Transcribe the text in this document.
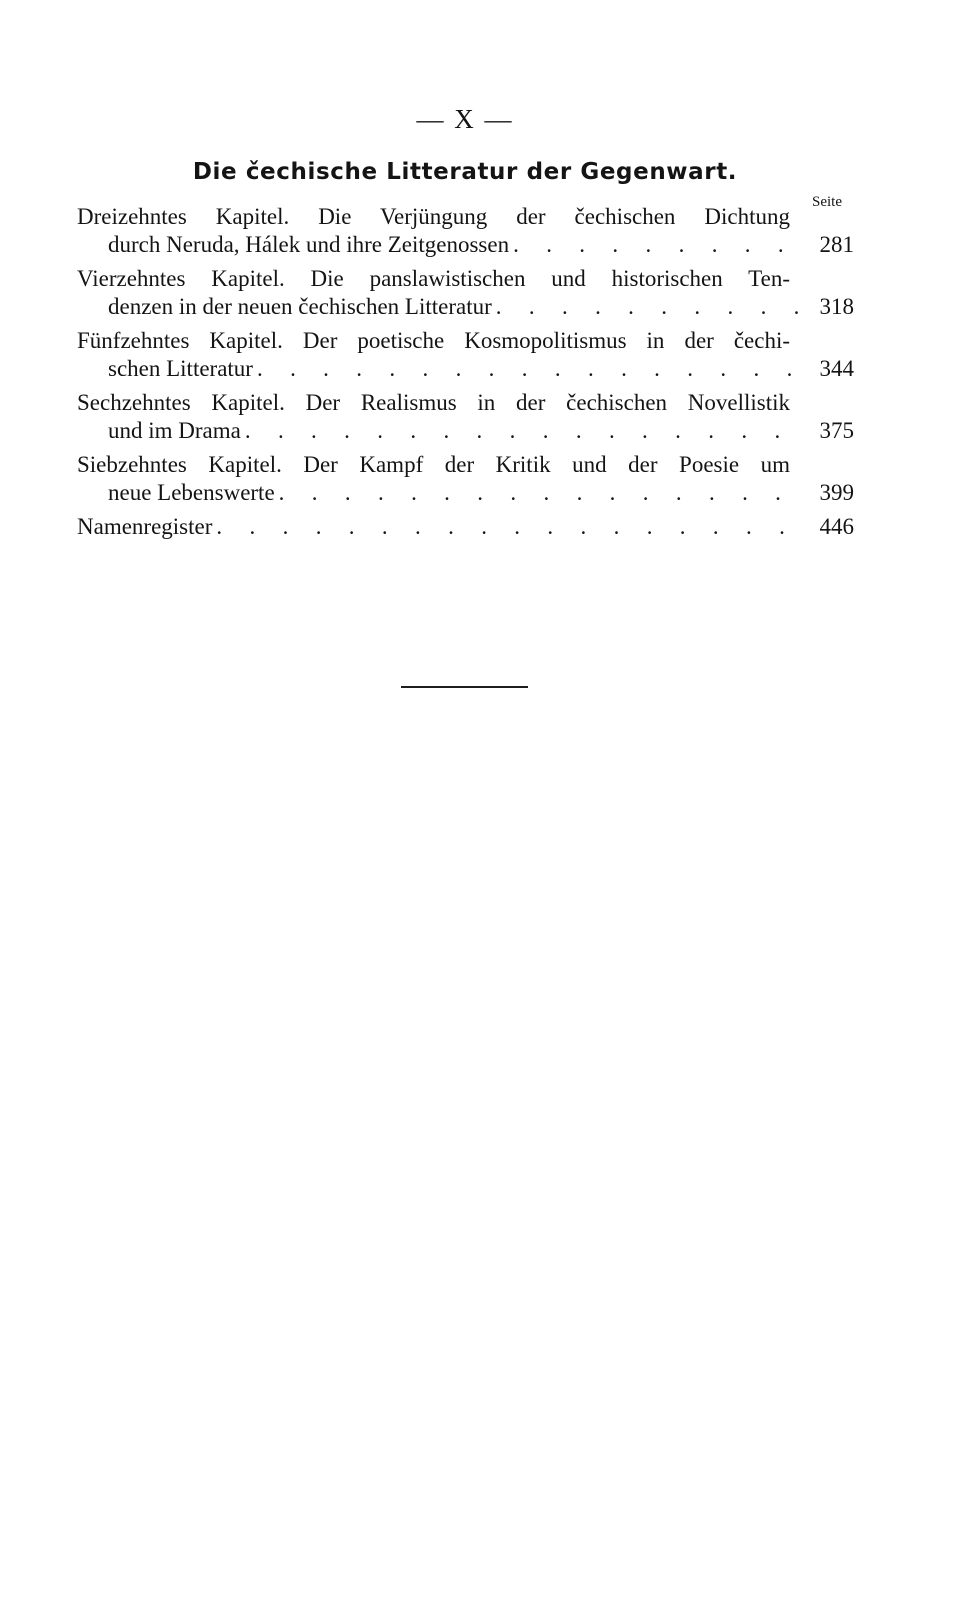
— X —
Die čechische Litteratur der Gegenwart.
Seite
Dreizehntes Kapitel. Die Verjüngung der čechischen Dichtung
durch Neruda, Hálek und ihre Zeitgenossen . . .	281
Vierzehntes Kapitel. Die panslawistischen und historischen Ten-
denzen in der neuen čechischen Litteratur . . .	318
Fünfzehntes Kapitel. Der poetische Kosmopolitismus in der čechi-
schen Litteratur . . .	344
Sechzehntes Kapitel. Der Realismus in der čechischen Novellistik
und im Drama . . .	375
Siebzehntes Kapitel. Der Kampf der Kritik und der Poesie um
neue Lebenswerte . . .	399
Namenregister . . .	446
